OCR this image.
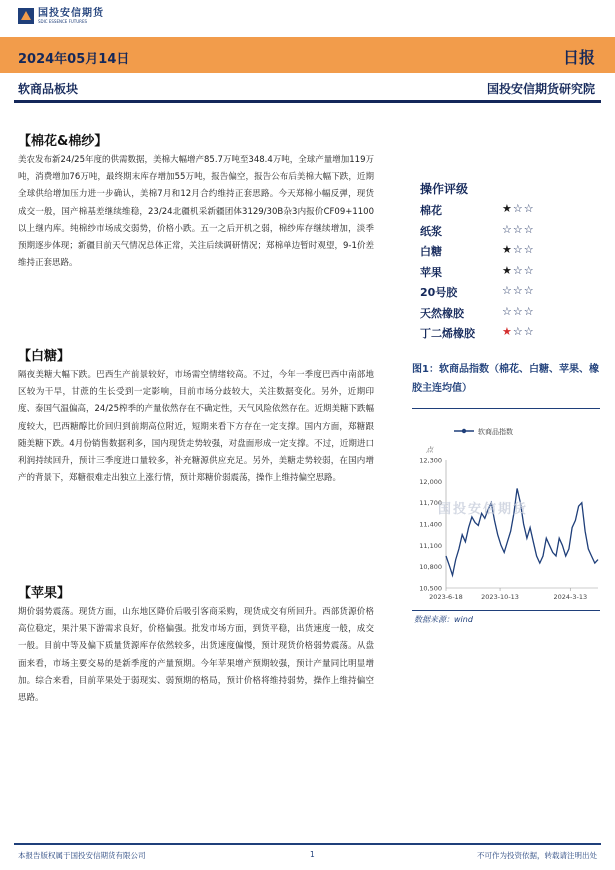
国投安信期货
SDIC ESSENCE FUTURES
2024年05月14日	日报
软商品板块	国投安信期货研究院
【棉花&棉纱】

美农发布新24/25年度的供需数据，美棉大幅增产85.7万吨至348.4万吨，全球产量增加119万吨，消费增加76万吨，最终期末库存增加55万吨，报告偏空，报告公布后美棉大幅下跌，近期全球供给增加压力进一步确认，美棉7月和12月合约维持正套思路。今天郑棉小幅反弹，现货成交一般，国产棉基差继续维稳，23/24北疆机采新疆团体3129/30B杂3内报价CF09+1100以上继内库。纯棉纱市场成交弱势，价格小跌。五一之后开机之弱，棉纱库存继续增加，淡季预期逐步体现；新疆目前天气情况总体正常，关注后续调研情况；郑棉单边暂时观望，9-1价差维持正套思路。

【白糖】

隔夜美糖大幅下跌。巴西生产前景较好，市场需空情绪较高。不过，今年一季度巴西中南部地区较为干旱，甘蔗的生长受到一定影响，目前市场分歧较大，关注数据变化。另外，近期印度、泰国气温偏高，24/25榨季的产量依然存在不确定性，天气风险依然存在。近期美糖下跌幅度较大，巴西糖醇比价回归到前期高位附近，短期来看下方存在一定支撑。国内方面，郑糖跟随美糖下跌。4月份销售数据利多，国内现货走势较强，对盘面形成一定支撑。不过，近期进口利润持续回升，预计三季度进口量较多，补充糖源供应充足。另外，美糖走势较弱，在国内增产的背景下，郑糖很难走出独立上涨行情，预计郑糖价弱震荡，操作上维持偏空思路。

【苹果】

期价弱势震荡。现货方面，山东地区降价后吸引客商采购，现货成交有所回升。西部货源价格高位稳定，果汁果下游需求良好，价格偏强。批发市场方面，到货平稳，出货速度一般，成交一般。目前中等及偏下质量货源库存依然较多，出货速度偏慢，预计现货价格弱势震荡。从盘面来看，市场主要交易的是新季度的产量预期。今年苹果增产预期较强，预计产量同比明显增加。综合来看，目前苹果处于弱现实、弱预期的格局，预计价格将维持弱势，操作上维持偏空思路。

操作评级
棉花	★☆☆
纸浆	☆☆☆
白糖	★☆☆
苹果	★☆☆
20号胶	☆☆☆
天然橡胶	☆☆☆
丁二烯橡胶	★☆☆

图1：软商品指数（棉花、白糖、苹果、橡胶主连均值）

软商品指数
点
12,300
12,000
11,700
11,400
11,100
10,800
10,500
2023-6-18	2023-10-13	2024-3-13
国投安信期货
数据来源：wind
本报告版权属于国投安信期货有限公司	1	不可作为投资依据，转载请注明出处
